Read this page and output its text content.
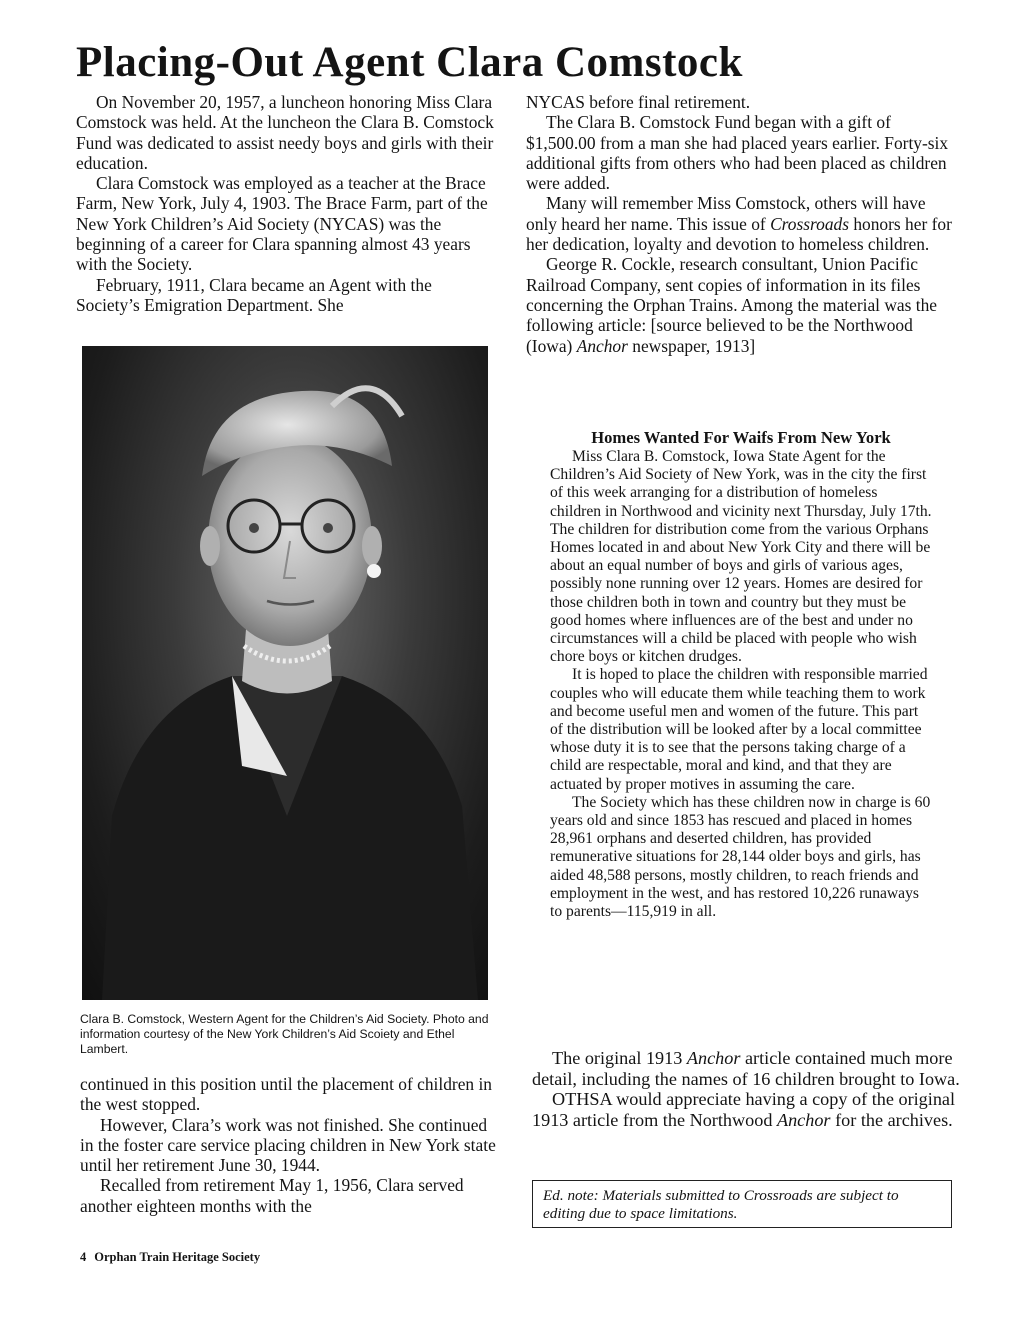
Placing-Out Agent Clara Comstock

On November 20, 1957, a luncheon honoring Miss Clara Comstock was held. At the luncheon the Clara B. Comstock Fund was dedicated to assist needy boys and girls with their education.

Clara Comstock was employed as a teacher at the Brace Farm, New York, July 4, 1903. The Brace Farm, part of the New York Children’s Aid Society (NYCAS) was the beginning of a career for Clara spanning almost 43 years with the Society.

February, 1911, Clara became an Agent with the Society’s Emigration Department. She

Clara B. Comstock, Western Agent for the Children’s Aid Society. Photo and information courtesy of the New York Children’s Aid Scoiety and Ethel Lambert.

continued in this position until the placement of children in the west stopped.

However, Clara’s work was not finished. She continued in the foster care service placing children in New York state until her retirement June 30, 1944.

Recalled from retirement May 1, 1956, Clara served another eighteen months with the

NYCAS before final retirement.

The Clara B. Comstock Fund began with a gift of $1,500.00 from a man she had placed years earlier. Forty-six additional gifts from others who had been placed as children were added.

Many will remember Miss Comstock, others will have only heard her name. This issue of Crossroads honors her for her dedication, loyalty and devotion to homeless children.

George R. Cockle, research consultant, Union Pacific Railroad Company, sent copies of information in its files concerning the Orphan Trains. Among the material was the following article: [source believed to be the Northwood (Iowa) Anchor newspaper, 1913]

Homes Wanted For Waifs From New York

Miss Clara B. Comstock, Iowa State Agent for the Children’s Aid Society of New York, was in the city the first of this week arranging for a distribution of homeless children in Northwood and vicinity next Thursday, July 17th. The children for distribution come from the various Orphans Homes located in and about New York City and there will be about an equal number of boys and girls of various ages, possibly none running over 12 years. Homes are desired for those children both in town and country but they must be good homes where influences are of the best and under no circumstances will a child be placed with people who wish chore boys or kitchen drudges.

It is hoped to place the children with responsible married couples who will educate them while teaching them to work and become useful men and women of the future. This part of the distribution will be looked after by a local committee whose duty it is to see that the persons taking charge of a child are respectable, moral and kind, and that they are actuated by proper motives in assuming the care.

The Society which has these children now in charge is 60 years old and since 1853 has rescued and placed in homes 28,961 orphans and deserted children, has provided remunerative situations for 28,144 older boys and girls, has aided 48,588 persons, mostly children, to reach friends and employment in the west, and has restored 10,226 runaways to parents—115,919 in all.

The original 1913 Anchor article contained much more detail, including the names of 16 children brought to Iowa.

OTHSA would appreciate having a copy of the original 1913 article from the Northwood Anchor for the archives.

Ed. note: Materials submitted to Crossroads are subject to editing due to space limitations.
4 Orphan Train Heritage Society
